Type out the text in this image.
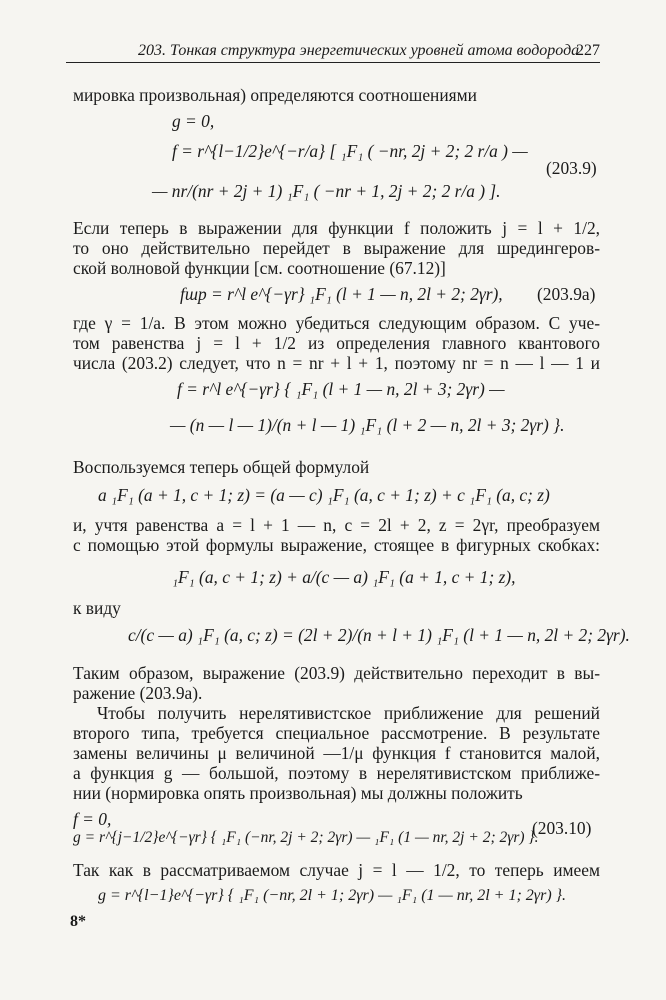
203. Тонкая структура энергетических уровней атома водорода
227
мировка произвольная) определяются соотношениями
g = 0,
f = r^{l−1/2}e^{−r/a} [ ₁F₁ ( −nr, 2j + 2; 2 r/a ) —
(203.9)
— nr/(nr + 2j + 1) ₁F₁ ( −nr + 1, 2j + 2; 2 r/a ) ].
Если теперь в выражении для функции f положить j = l + 1/2,
то оно действительно перейдет в выражение для шредингеров-
ской волновой функции [см. соотношение (67.12)]
fшр = r^l e^{−γr} ₁F₁ (l + 1 — n, 2l + 2; 2γr), (203.9a)
где γ = 1/a. В этом можно убедиться следующим образом. С уче-
том равенства j = l + 1/2 из определения главного квантового
числа (203.2) следует, что n = nr + l + 1, поэтому nr = n — l — 1 и
f = r^l e^{−γr} { ₁F₁ (l + 1 — n, 2l + 3; 2γr) —
— (n — l — 1)/(n + l — 1) ₁F₁ (l + 2 — n, 2l + 3; 2γr) }.
Воспользуемся теперь общей формулой
a ₁F₁ (a + 1, c + 1; z) = (a — c) ₁F₁ (a, c + 1; z) + c ₁F₁ (a, c; z)
и, учтя равенства a = l + 1 — n, c = 2l + 2, z = 2γr, преобразуем
с помощью этой формулы выражение, стоящее в фигурных скобках:
₁F₁ (a, c + 1; z) + a/(c — a) ₁F₁ (a + 1, c + 1; z),
к виду
c/(c — a) ₁F₁ (a, c; z) = (2l + 2)/(n + l + 1) ₁F₁ (l + 1 — n, 2l + 2; 2γr).
Таким образом, выражение (203.9) действительно переходит в вы-
ражение (203.9a).
Чтобы получить нерелятивистское приближение для решений
второго типа, требуется специальное рассмотрение. В результате
замены величины μ величиной —1/μ функция f становится малой,
а функция g — большой, поэтому в нерелятивистском приближе-
нии (нормировка опять произвольная) мы должны положить
f = 0,
g = r^{j−1/2}e^{−γr} { ₁F₁ (−nr, 2j + 2; 2γr) — ₁F₁ (1 — nr, 2j + 2; 2γr) }.
(203.10)
Так как в рассматриваемом случае j = l — 1/2, то теперь имеем
g = r^{l−1}e^{−γr} { ₁F₁ (−nr, 2l + 1; 2γr) — ₁F₁ (1 — nr, 2l + 1; 2γr) }.
8*
